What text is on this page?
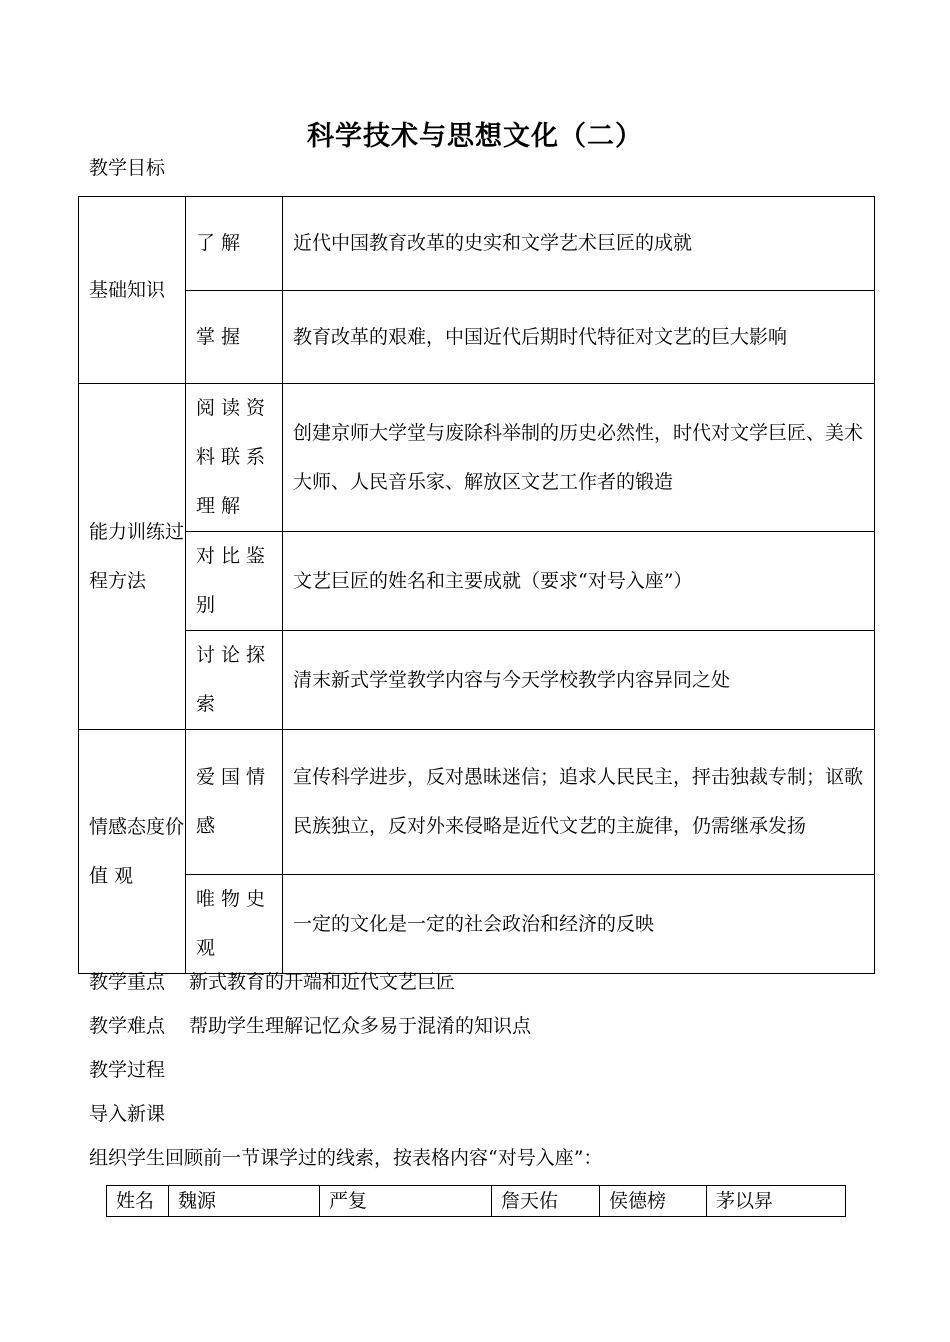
科学技术与思想文化（二）
教学目标
基础知识	了解	近代中国教育改革的史实和文学艺术巨匠的成就
	掌握	教育改革的艰难，中国近代后期时代特征对文艺的巨大影响
能力训练过程方法	阅读资料联系理解	创建京师大学堂与废除科举制的历史必然性，时代对文学巨匠、美术大师、人民音乐家、解放区文艺工作者的锻造
	对比鉴别	文艺巨匠的姓名和主要成就（要求“对号入座”）
	讨论探索	清末新式学堂教学内容与今天学校教学内容异同之处
情感态度价 值 观	爱国情感	宣传科学进步，反对愚昧迷信；追求人民民主，抨击独裁专制；讴歌民族独立，反对外来侵略是近代文艺的主旋律，仍需继承发扬
	唯物史观	一定的文化是一定的社会政治和经济的反映
教学重点 新式教育的开端和近代文艺巨匠
教学难点 帮助学生理解记忆众多易于混淆的知识点
教学过程
导入新课
组织学生回顾前一节课学过的线索，按表格内容“对号入座”：
姓名	魏源	严复	詹天佑	侯德榜	茅以昇
